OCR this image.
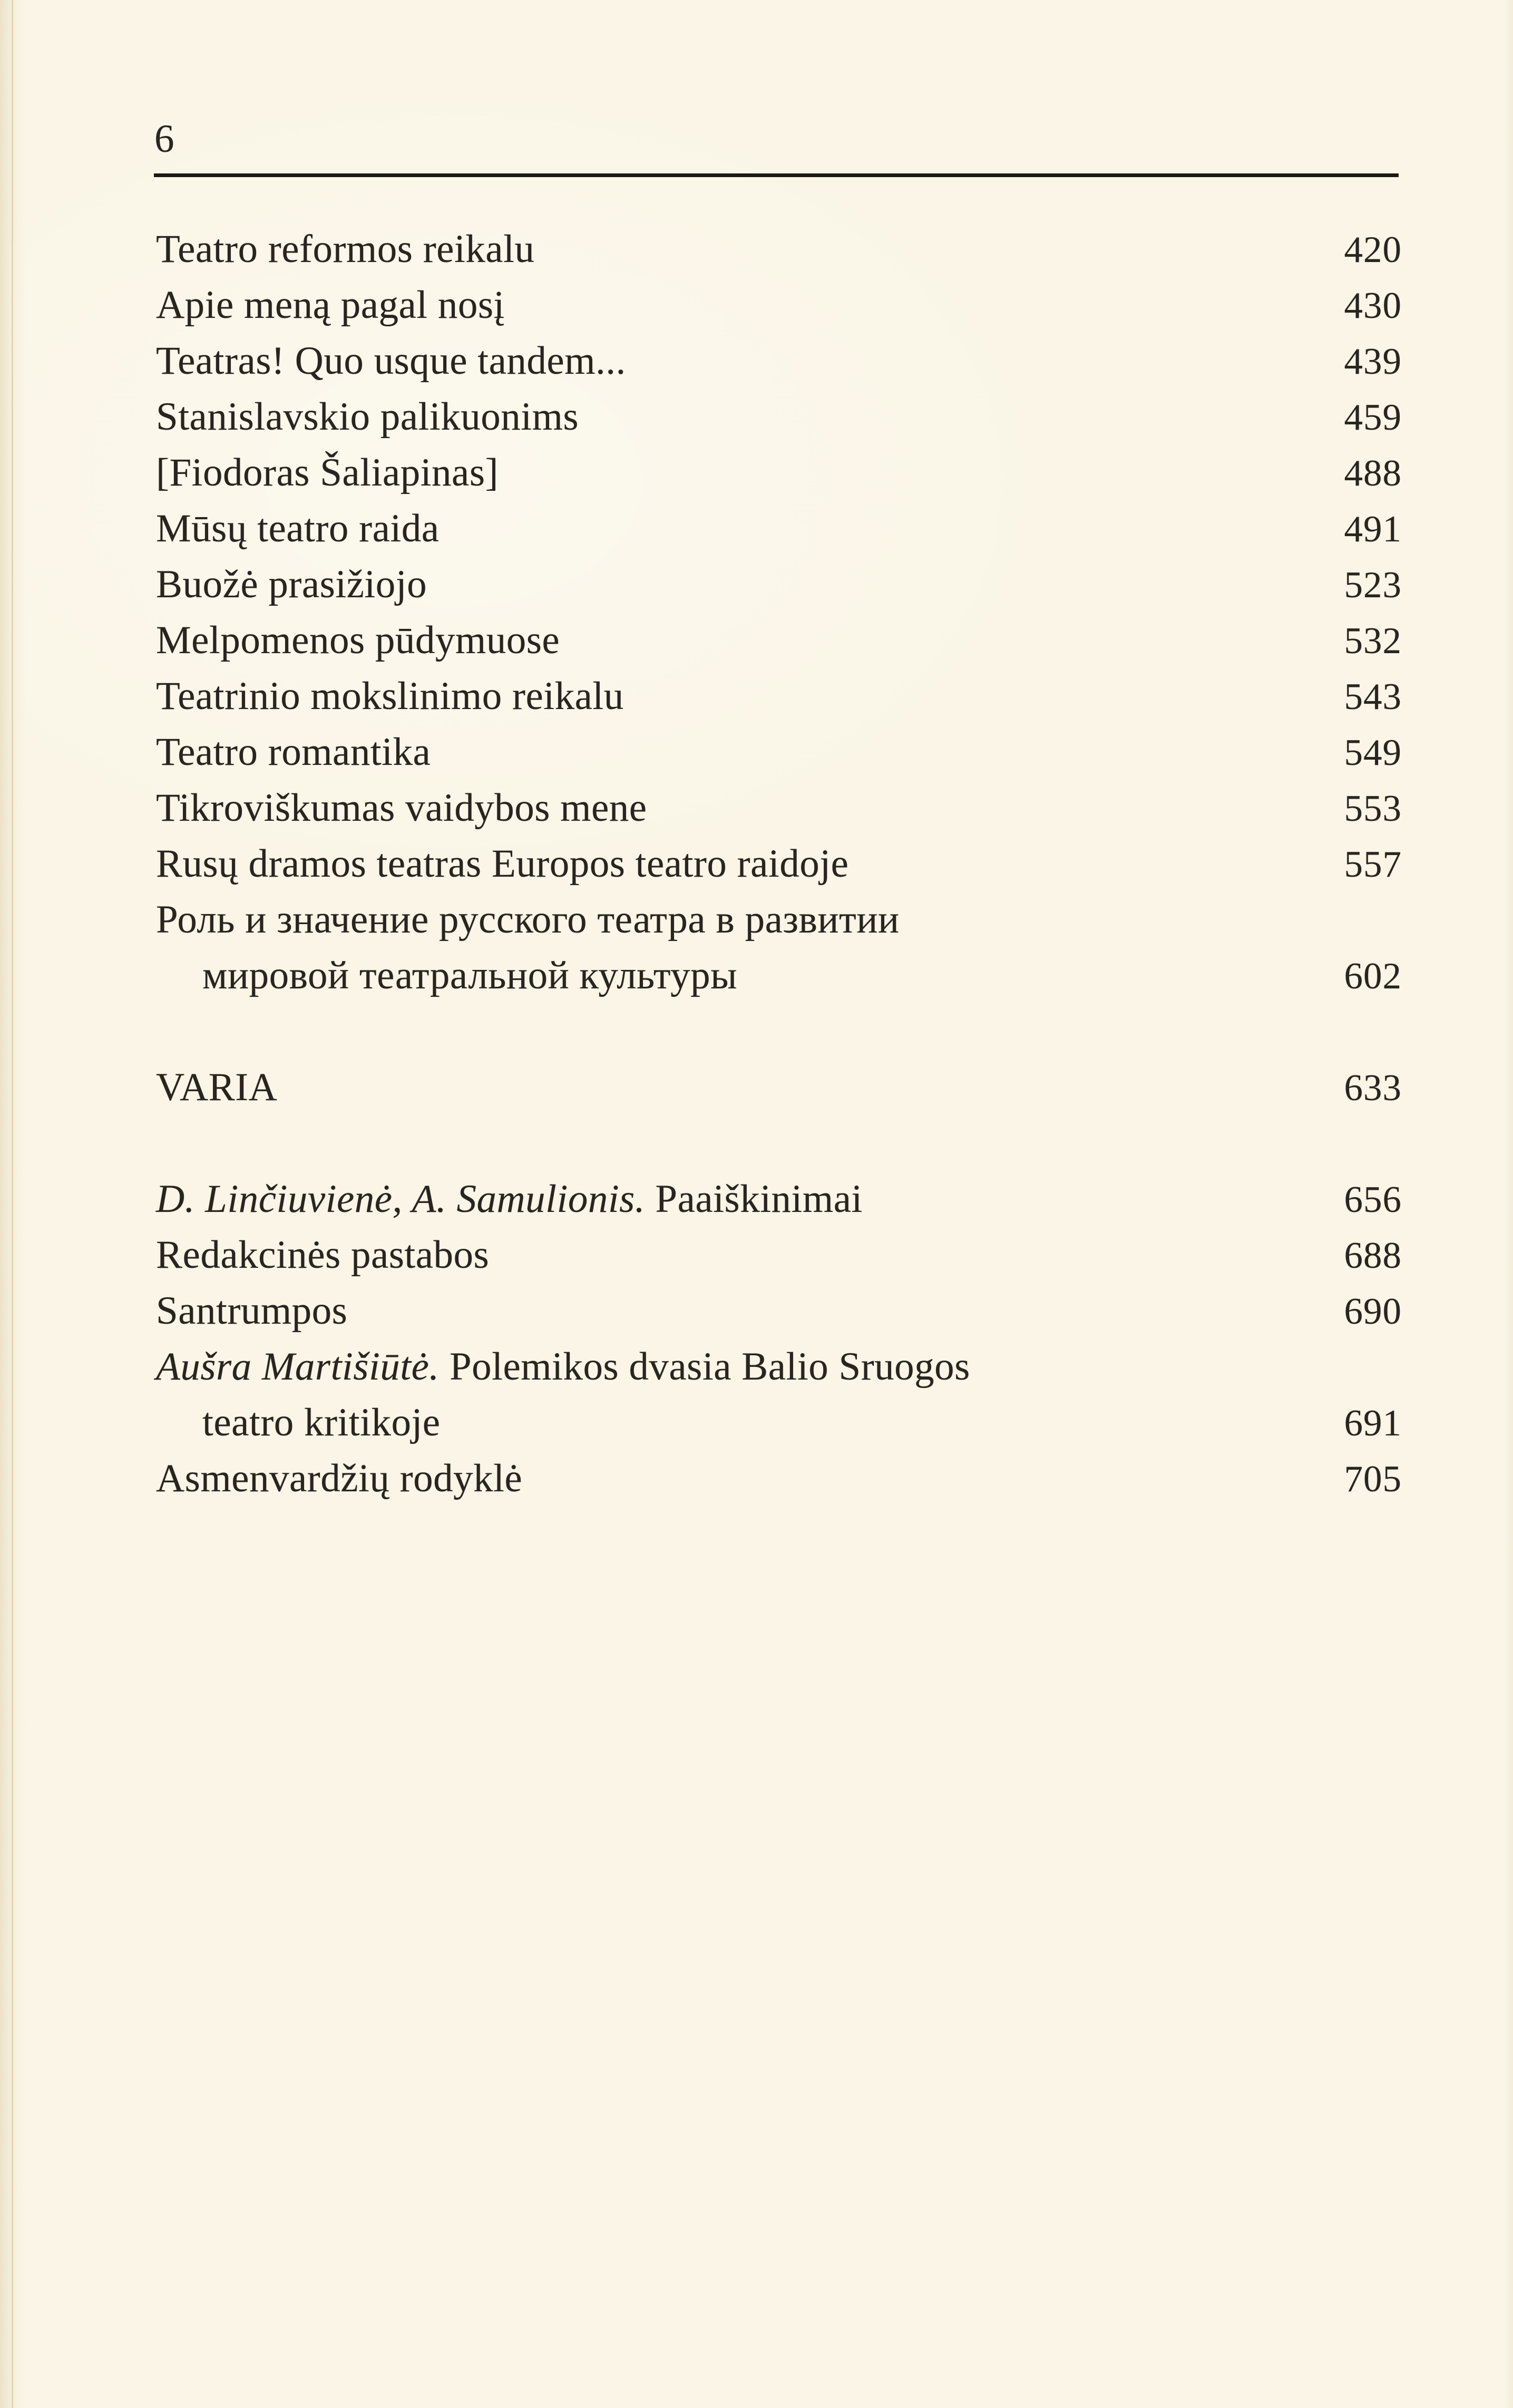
6
Teatro reformos reikalu	420
Apie meną pagal nosį	430
Teatras! Quo usque tandem...	439
Stanislavskio palikuonims	459
[Fiodoras Šaliapinas]	488
Mūsų teatro raida	491
Buožė prasižiojo	523
Melpomenos pūdymuose	532
Teatrinio mokslinimo reikalu	543
Teatro romantika	549
Tikroviškumas vaidybos mene	553
Rusų dramos teatras Europos teatro raidoje	557
Роль и значение русского театра в развитии
мировой театральной культуры	602
VARIA	633
D. Linčiuvienė, A. Samulionis. Paaiškinimai	656
Redakcinės pastabos	688
Santrumpos	690
Aušra Martišiūtė. Polemikos dvasia Balio Sruogos
teatro kritikoje	691
Asmenvardžių rodyklė	705
